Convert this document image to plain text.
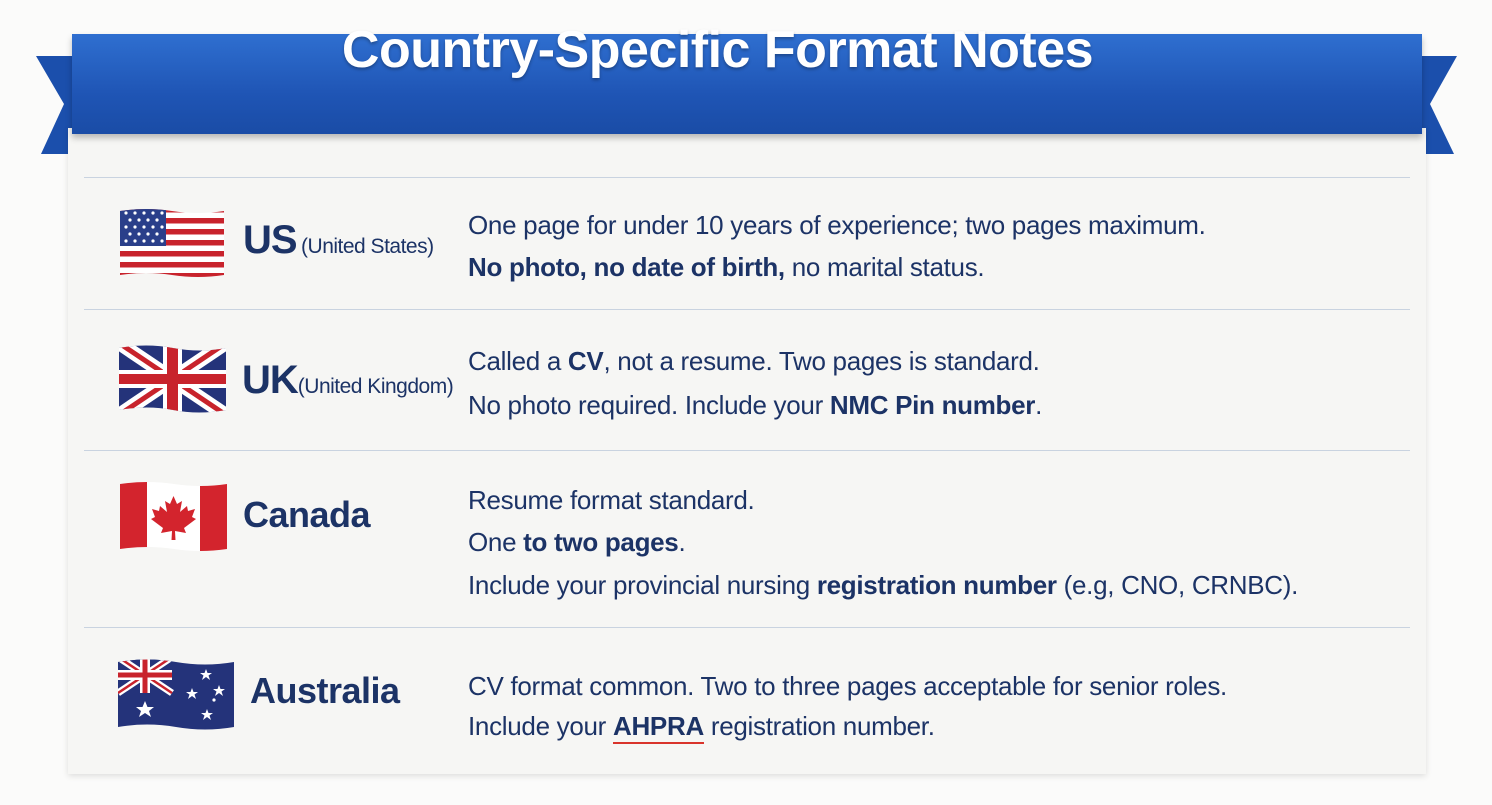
Country-Specific Format Notes
US (United States)
One page for under 10 years of experience; two pages maximum.
No photo, no date of birth, no marital status.
UK(United Kingdom)
Called a CV, not a resume. Two pages is standard.
No photo required. Include your NMC Pin number.
Canada	Resume format standard.
One to two pages.
Include your provincial nursing registration number (e.g, CNO, CRNBC).
Australia	CV format common. Two to three pages acceptable for senior roles.
Include your AHPRA registration number.
